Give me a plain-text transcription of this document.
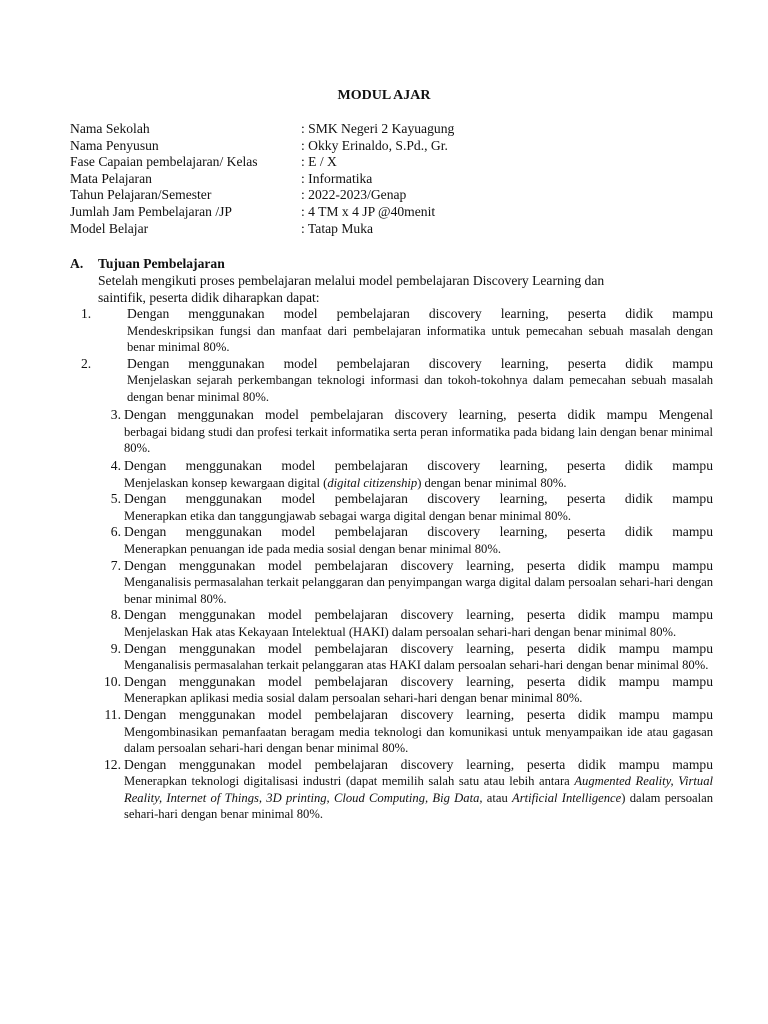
MODUL AJAR
Nama Sekolah	: SMK Negeri 2 Kayuagung
Nama Penyusun	: Okky Erinaldo, S.Pd., Gr.
Fase Capaian pembelajaran/ Kelas	: E / X
Mata Pelajaran	: Informatika
Tahun Pelajaran/Semester	: 2022-2023/Genap
Jumlah Jam Pembelajaran /JP	: 4 TM x 4 JP @40menit
Model Belajar	: Tatap Muka
A. Tujuan Pembelajaran
Setelah mengikuti proses pembelajaran melalui model pembelajaran Discovery Learning dan
saintifik, peserta didik diharapkan dapat:
1.	Dengan menggunakan model pembelajaran discovery learning, peserta didik mampu

Mendeskripsikan fungsi dan manfaat dari pembelajaran informatika untuk pemecahan sebuah masalah dengan benar minimal 80%.

2.	Dengan menggunakan model pembelajaran discovery learning, peserta didik mampu

Menjelaskan sejarah perkembangan teknologi informasi dan tokoh-tokohnya dalam pemecahan sebuah masalah dengan benar minimal 80%.

3. Dengan menggunakan model pembelajaran discovery learning, peserta didik mampu Mengenal

berbagai bidang studi dan profesi terkait informatika serta peran informatika pada bidang lain dengan benar minimal 80%.

4. Dengan menggunakan model pembelajaran discovery learning, peserta didik mampu

Menjelaskan konsep kewargaan digital (digital citizenship) dengan benar minimal 80%.

5. Dengan menggunakan model pembelajaran discovery learning, peserta didik mampu

Menerapkan etika dan tanggungjawab sebagai warga digital dengan benar minimal 80%.

6. Dengan menggunakan model pembelajaran discovery learning, peserta didik mampu

Menerapkan penuangan ide pada media sosial dengan benar minimal 80%.

7. Dengan menggunakan model pembelajaran discovery learning, peserta didik mampu mampu

Menganalisis permasalahan terkait pelanggaran dan penyimpangan warga digital dalam persoalan sehari-hari dengan benar minimal 80%.

8. Dengan menggunakan model pembelajaran discovery learning, peserta didik mampu mampu

Menjelaskan Hak atas Kekayaan Intelektual (HAKI) dalam persoalan sehari-hari dengan benar minimal 80%.

9. Dengan menggunakan model pembelajaran discovery learning, peserta didik mampu mampu

Menganalisis permasalahan terkait pelanggaran atas HAKI dalam persoalan sehari-hari dengan benar minimal 80%.

10. Dengan menggunakan model pembelajaran discovery learning, peserta didik mampu mampu

Menerapkan aplikasi media sosial dalam persoalan sehari-hari dengan benar minimal 80%.

11. Dengan menggunakan model pembelajaran discovery learning, peserta didik mampu mampu

Mengombinasikan pemanfaatan beragam media teknologi dan komunikasi untuk menyampaikan ide atau gagasan dalam persoalan sehari-hari dengan benar minimal 80%.

12. Dengan menggunakan model pembelajaran discovery learning, peserta didik mampu mampu

Menerapkan teknologi digitalisasi industri (dapat memilih salah satu atau lebih antara Augmented Reality, Virtual Reality, Internet of Things, 3D printing, Cloud Computing, Big Data, atau Artificial Intelligence) dalam persoalan sehari-hari dengan benar minimal 80%.
